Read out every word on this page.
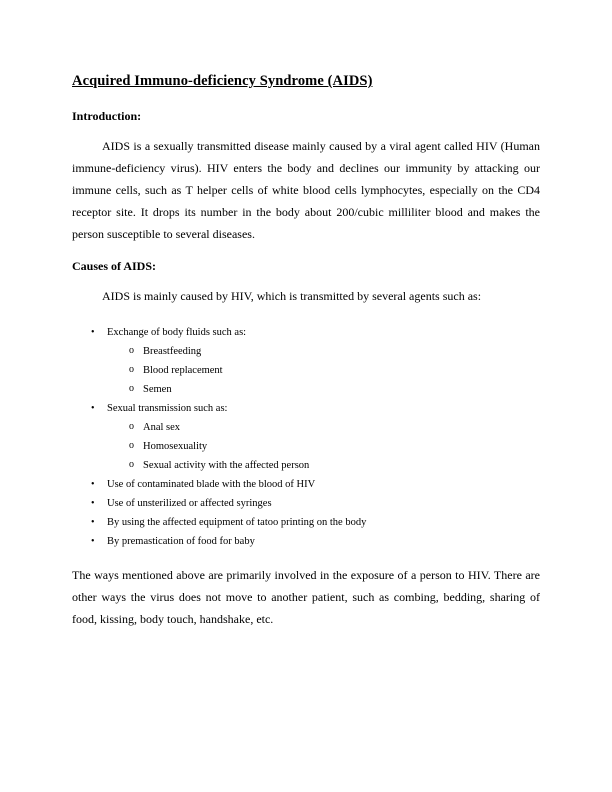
Acquired Immuno-deficiency Syndrome (AIDS)
Introduction:

AIDS is a sexually transmitted disease mainly caused by a viral agent called HIV (Human immune-deficiency virus). HIV enters the body and declines our immunity by attacking our immune cells, such as T helper cells of white blood cells lymphocytes, especially on the CD4 receptor site. It drops its number in the body about 200/cubic milliliter blood and makes the person susceptible to several diseases.

Causes of AIDS:

AIDS is mainly caused by HIV, which is transmitted by several agents such as:

• Exchange of body fluids such as:
o Breastfeeding
o Blood replacement
o Semen
• Sexual transmission such as:
o Anal sex
o Homosexuality
o Sexual activity with the affected person
• Use of contaminated blade with the blood of HIV
• Use of unsterilized or affected syringes
• By using the affected equipment of tatoo printing on the body
• By premastication of food for baby

The ways mentioned above are primarily involved in the exposure of a person to HIV. There are other ways the virus does not move to another patient, such as combing, bedding, sharing of food, kissing, body touch, handshake, etc.
